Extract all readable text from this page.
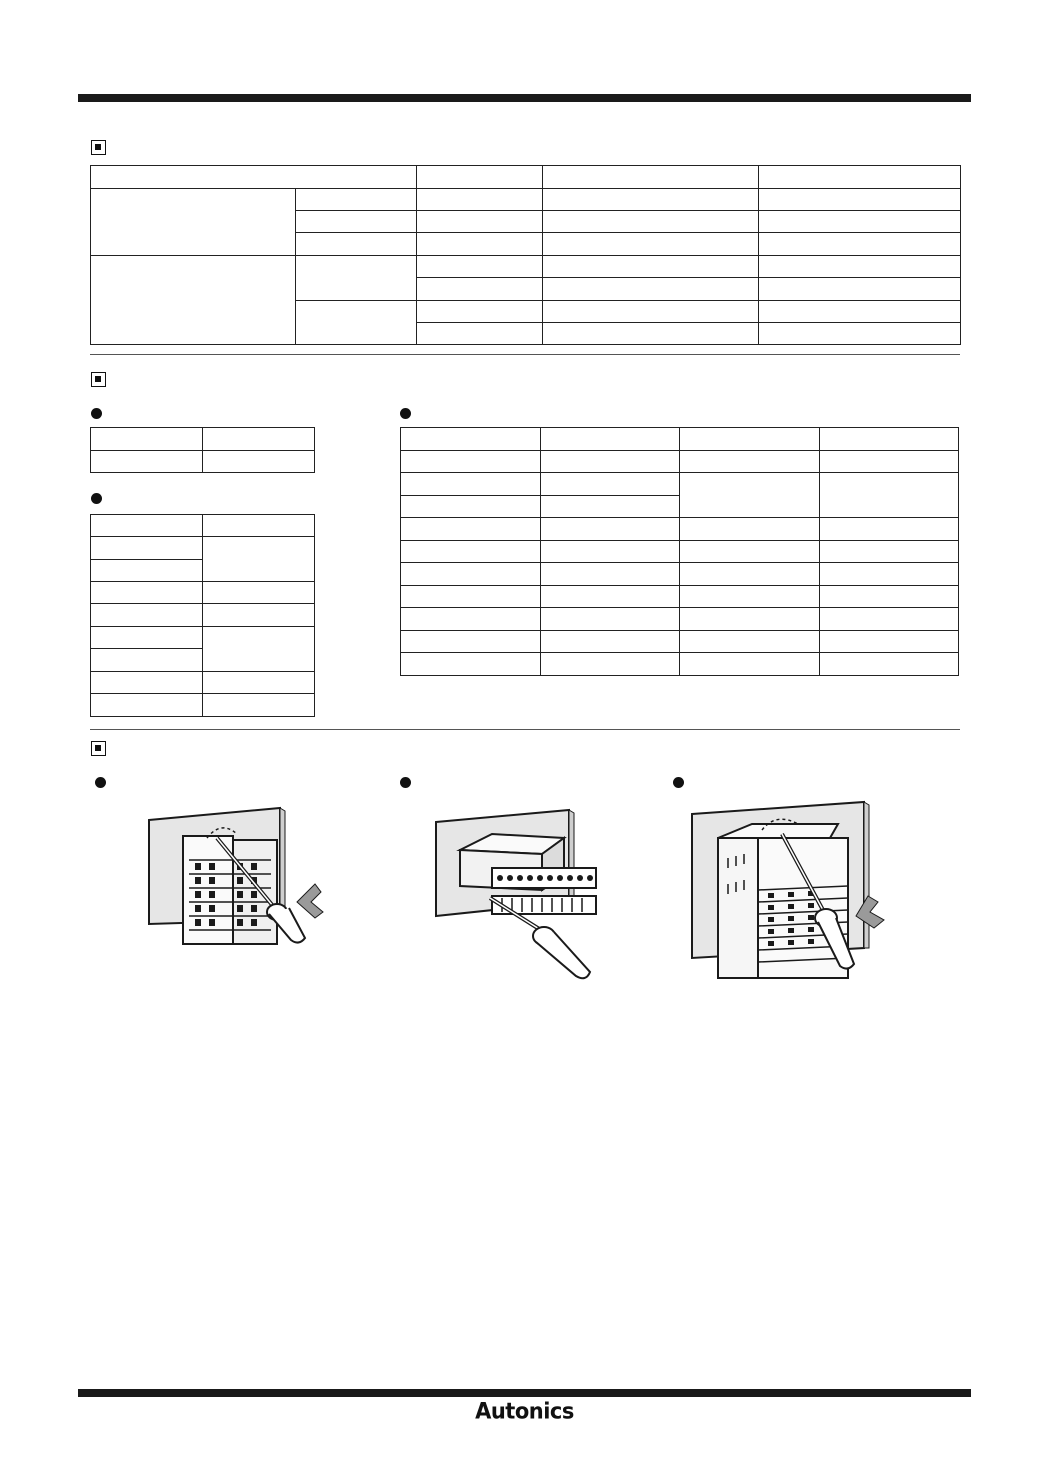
Autonics
